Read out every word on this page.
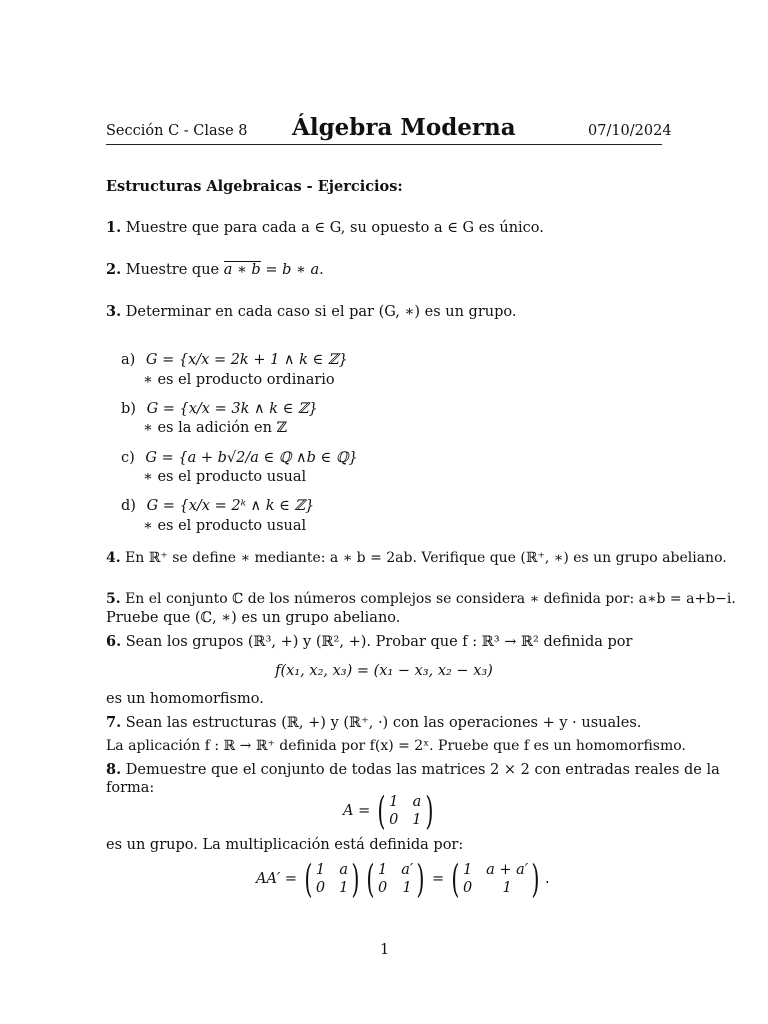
Sección C - Clase 8 Álgebra Moderna	07/10/2024
Estructuras Algebraicas - Ejercicios:
1. Muestre que para cada a ∈ G, su opuesto a ∈ G es único.
2. Muestre que a ∗ b = b ∗ a.
3. Determinar en cada caso si el par (G, ∗) es un grupo.
a) G = {x/x = 2k + 1 ∧ k ∈ ℤ}
∗ es el producto ordinario
b) G = {x/x = 3k ∧ k ∈ ℤ}
∗ es la adición en ℤ
c) G = {a + b√2/a ∈ ℚ ∧b ∈ ℚ}
∗ es el producto usual
d) G = {x/x = 2ᵏ ∧ k ∈ ℤ}
∗ es el producto usual
4. En ℝ⁺ se define ∗ mediante: a ∗ b = 2ab. Verifique que (ℝ⁺, ∗) es un grupo abeliano.
5. En el conjunto ℂ de los números complejos se considera ∗ definida por: a∗b = a+b−i.
Pruebe que (ℂ, ∗) es un grupo abeliano.
6. Sean los grupos (ℝ³, +) y (ℝ², +). Probar que f : ℝ³ → ℝ² definida por
f(x₁, x₂, x₃) = (x₁ − x₃, x₂ − x₃)
es un homomorfismo.
7. Sean las estructuras (ℝ, +) y (ℝ⁺, ·) con las operaciones + y · usuales.
La aplicación f : ℝ → ℝ⁺ definida por f(x) = 2ˣ. Pruebe que f es un homomorfismo.
8. Demuestre que el conjunto de todas las matrices 2 × 2 con entradas reales de la
forma:
A = ( 1 a
0 1 )
es un grupo. La multiplicación está definida por:
AA′ = ( 1 a
0 1 ) ( 1 a′
0 1 ) = ( 1 a + a′
0	1 ) .
1
